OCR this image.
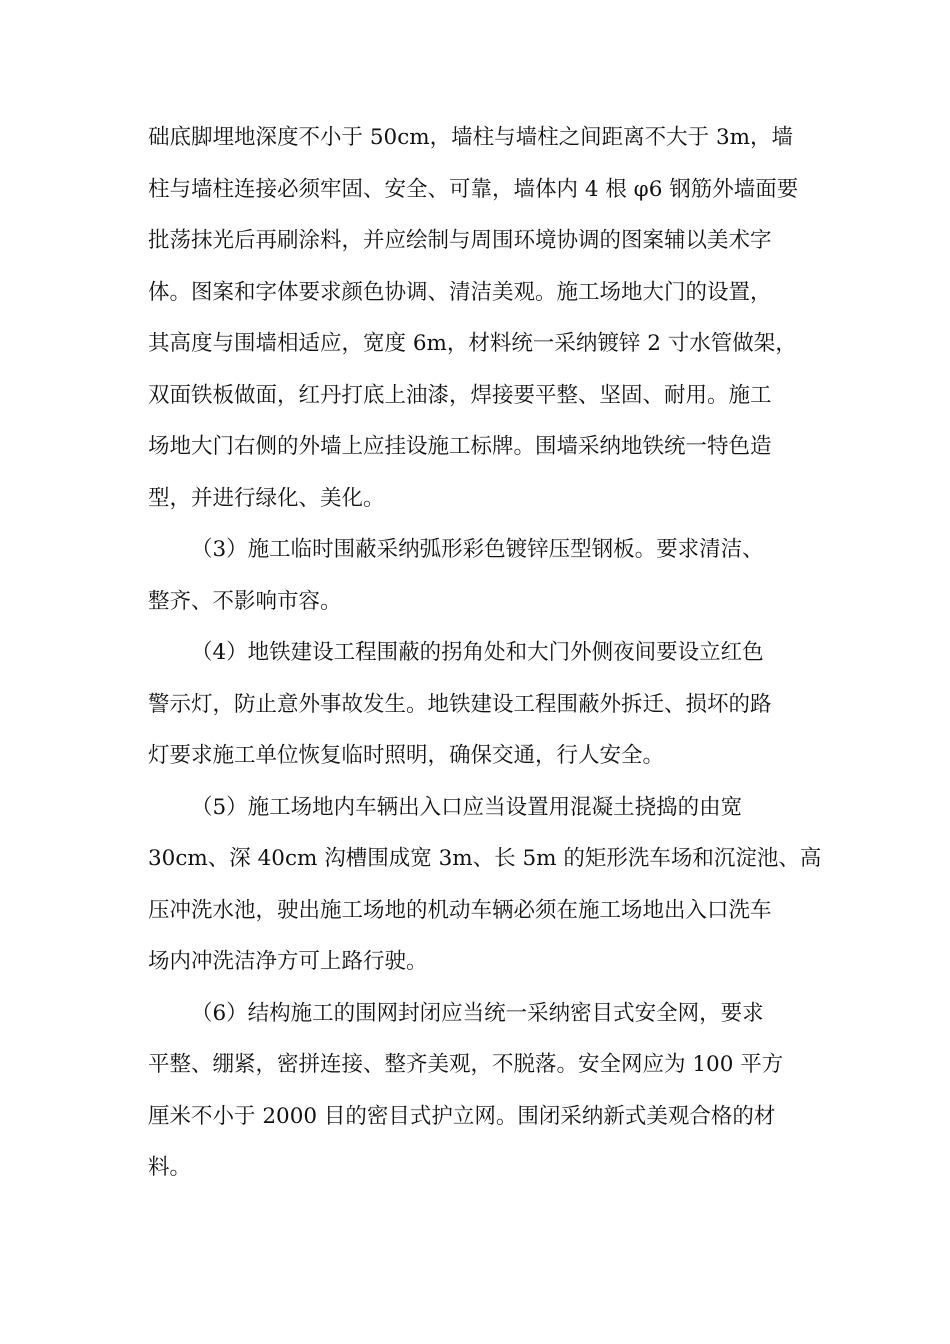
础底脚埋地深度不小于 50cm，墙柱与墙柱之间距离不大于 3m，墙
柱与墙柱连接必须牢固、安全、可靠，墙体内 4 根 φ6 钢筋外墙面要
批荡抹光后再刷涂料，并应绘制与周围环境协调的图案辅以美术字
体。图案和字体要求颜色协调、清洁美观。施工场地大门的设置，
其高度与围墙相适应，宽度 6m，材料统一采纳镀锌 2 寸水管做架，
双面铁板做面，红丹打底上油漆，焊接要平整、坚固、耐用。施工
场地大门右侧的外墙上应挂设施工标牌。围墙采纳地铁统一特色造
型，并进行绿化、美化。
（3）施工临时围蔽采纳弧形彩色镀锌压型钢板。要求清洁、
整齐、不影响市容。
（4）地铁建设工程围蔽的拐角处和大门外侧夜间要设立红色
警示灯，防止意外事故发生。地铁建设工程围蔽外拆迁、损坏的路
灯要求施工单位恢复临时照明，确保交通，行人安全。
（5）施工场地内车辆出入口应当设置用混凝土挠捣的由宽
30cm、深 40cm 沟槽围成宽 3m、长 5m 的矩形洗车场和沉淀池、高
压冲洗水池，驶出施工场地的机动车辆必须在施工场地出入口洗车
场内冲洗洁净方可上路行驶。
（6）结构施工的围网封闭应当统一采纳密目式安全网，要求
平整、绷紧，密拼连接、整齐美观，不脱落。安全网应为 100 平方
厘米不小于 2000 目的密目式护立网。围闭采纳新式美观合格的材
料。
